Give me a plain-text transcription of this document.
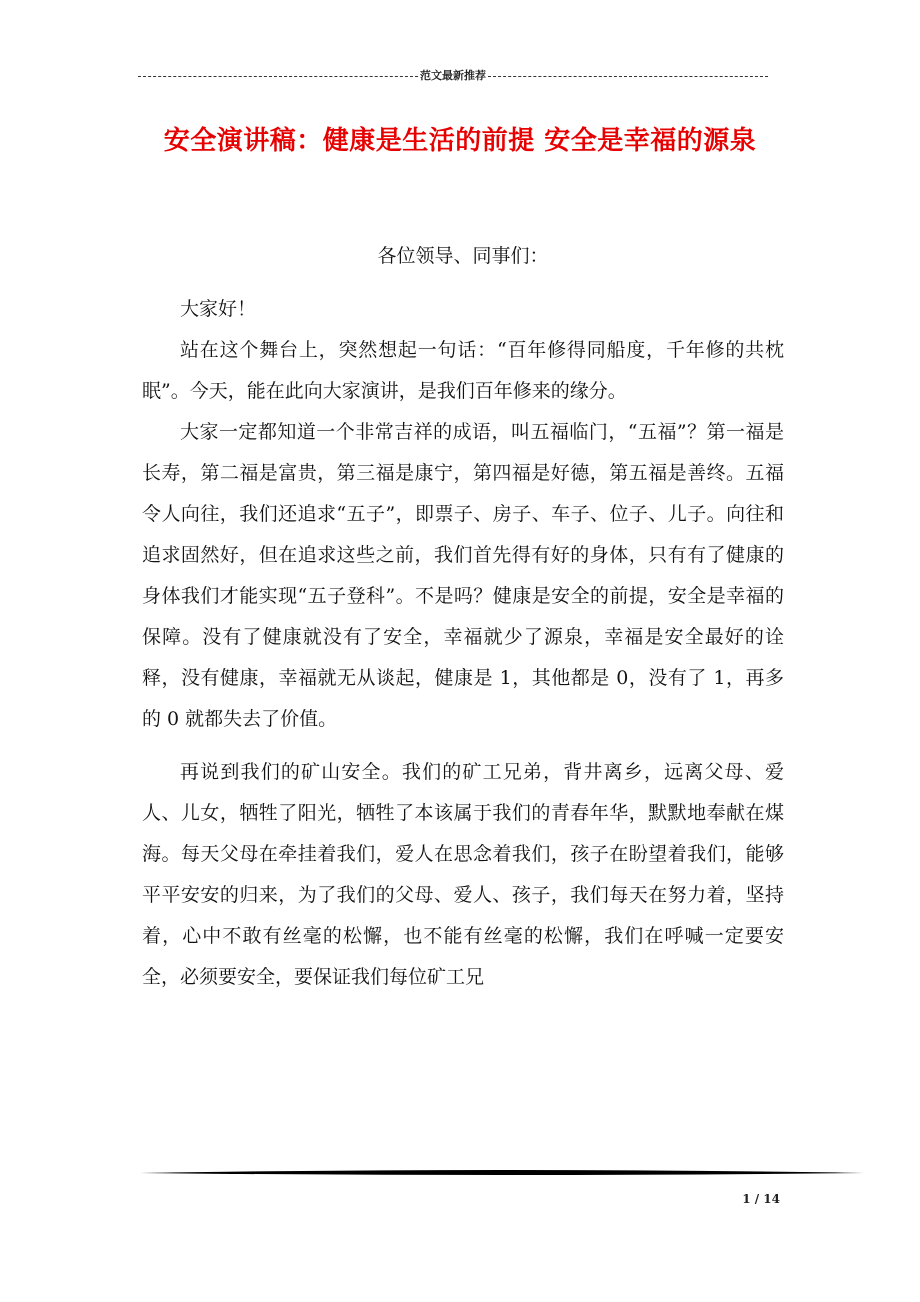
范文最新推荐
安全演讲稿：健康是生活的前提 安全是幸福的源泉

各位领导、同事们：

大家好！

站在这个舞台上，突然想起一句话：“百年修得同船度，千年修的共枕眠”。今天，能在此向大家演讲，是我们百年修来的缘分。

大家一定都知道一个非常吉祥的成语，叫五福临门，“五福”？第一福是长寿，第二福是富贵，第三福是康宁，第四福是好德，第五福是善终。五福令人向往，我们还追求“五子”，即票子、房子、车子、位子、儿子。向往和追求固然好，但在追求这些之前，我们首先得有好的身体，只有有了健康的身体我们才能实现“五子登科”。不是吗？健康是安全的前提，安全是幸福的保障。没有了健康就没有了安全，幸福就少了源泉，幸福是安全最好的诠释，没有健康，幸福就无从谈起，健康是 1，其他都是 0，没有了 1，再多的 0 就都失去了价值。

再说到我们的矿山安全。我们的矿工兄弟，背井离乡，远离父母、爱人、儿女，牺牲了阳光，牺牲了本该属于我们的青春年华，默默地奉献在煤海。每天父母在牵挂着我们，爱人在思念着我们，孩子在盼望着我们，能够平平安安的归来，为了我们的父母、爱人、孩子，我们每天在努力着，坚持着，心中不敢有丝毫的松懈，也不能有丝毫的松懈，我们在呼喊一定要安全，必须要安全，要保证我们每位矿工兄

1 / 14
